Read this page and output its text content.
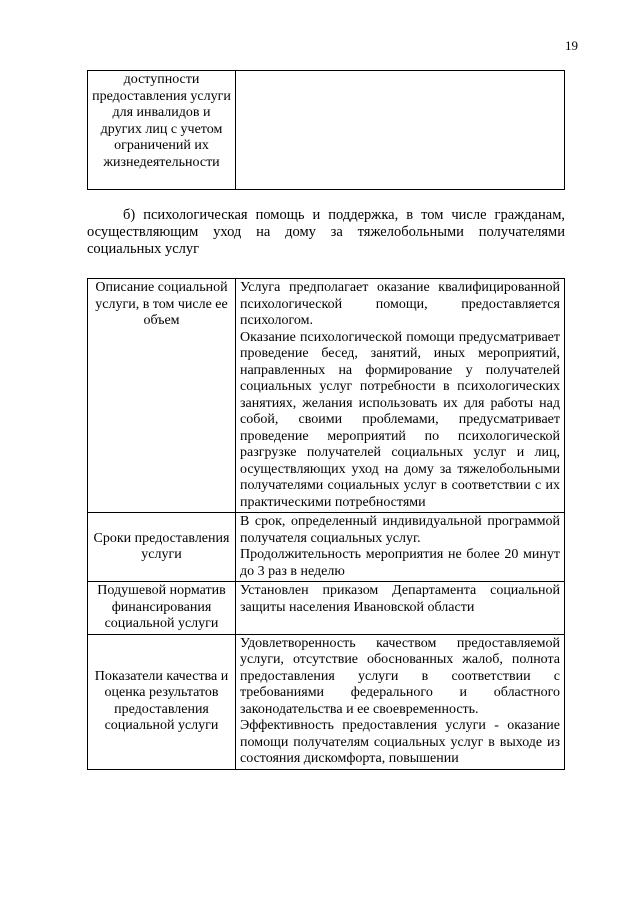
19
доступности предоставления услуги для инвалидов и других лиц с учетом ограничений их жизнедеятельности	
б) психологическая помощь и поддержка, в том числе гражданам, осуществляющим уход на дому за тяжелобольными получателями социальных услуг
Описание социальной услуги, в том числе ее объем	Услуга предполагает оказание квалифицированной психологической помощи, предоставляется психологом.

Оказание психологической помощи предусматривает проведение бесед, занятий, иных мероприятий, направленных на формирование у получателей социальных услуг потребности в психологических занятиях, желания использовать их для работы над собой, своими проблемами, предусматривает проведение мероприятий по психологической разгрузке получателей социальных услуг и лиц, осуществляющих уход на дому за тяжелобольными получателями социальных услуг в соответствии с их практическими потребностями

Сроки предоставления услуги	В срок, определенный индивидуальной программой получателя социальных услуг.

Продолжительность мероприятия не более 20 минут до 3 раз в неделю

Подушевой норматив финансирования социальной услуги	Установлен приказом Департамента социальной защиты населения Ивановской области

Показатели качества и оценка результатов предоставления социальной услуги	Удовлетворенность качеством предоставляемой услуги, отсутствие обоснованных жалоб, полнота предоставления услуги в соответствии с требованиями федерального и областного законодательства и ее своевременность.

Эффективность предоставления услуги - оказание помощи получателям социальных услуг в выходе из состояния дискомфорта, повышении
